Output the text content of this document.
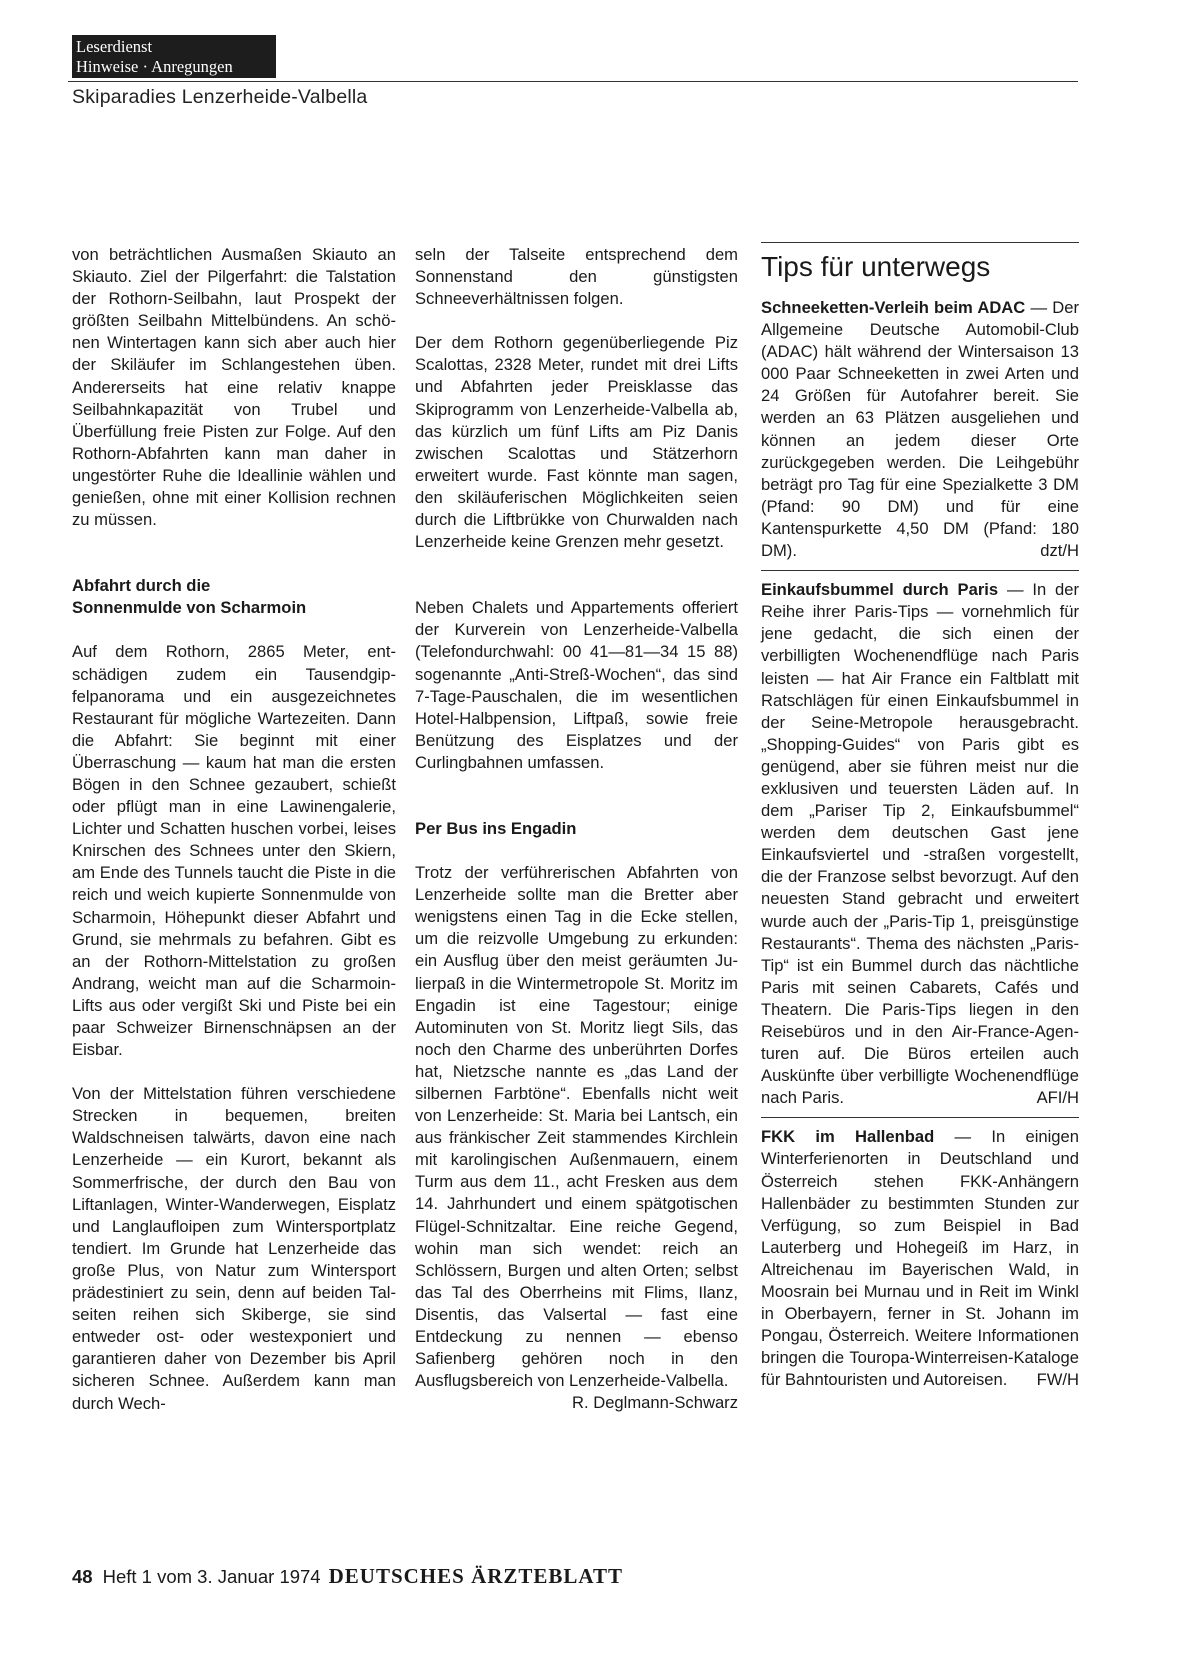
Leserdienst
Hinweise · Anregungen
Skiparadies Lenzerheide-Valbella

von beträchtlichen Ausmaßen Skiauto an Skiauto. Ziel der Pilgerfahrt: die Talstation der Rothorn-Seilbahn, laut Prospekt der größten Seilbahn Mittelbündens. An schönen Wintertagen kann sich aber auch hier der Skiläufer im Schlangestehen üben. Andererseits hat eine relativ knappe Seilbahnkapazität von Trubel und Überfüllung freie Pisten zur Folge. Auf den Rothorn-Abfahrten kann man daher in ungestörter Ruhe die Ideallinie wählen und genießen, ohne mit einer Kollision rechnen zu müssen.

Abfahrt durch die
Sonnenmulde von Scharmoin

Auf dem Rothorn, 2865 Meter, entschädigen zudem ein Tausendgipfelpanorama und ein ausgezeichnetes Restaurant für mögliche Wartezeiten. Dann die Abfahrt: Sie beginnt mit einer Überraschung — kaum hat man die ersten Bögen in den Schnee gezaubert, schießt oder pflügt man in eine Lawinengalerie, Lichter und Schatten huschen vorbei, leises Knirschen des Schnees unter den Skiern, am Ende des Tunnels taucht die Piste in die reich und weich kupierte Sonnenmulde von Scharmoin, Höhepunkt dieser Abfahrt und Grund, sie mehrmals zu befahren. Gibt es an der Rothorn-Mittelstation zu großen Andrang, weicht man auf die Scharmoin-Lifts aus oder vergißt Ski und Piste bei ein paar Schweizer Birnenschnäpsen an der Eisbar.

Von der Mittelstation führen verschiedene Strecken in bequemen, breiten Waldschneisen talwärts, davon eine nach Lenzerheide — ein Kurort, bekannt als Sommerfrische, der durch den Bau von Liftanlagen, Winter-Wanderwegen, Eisplatz und Langlaufloipen zum Wintersportplatz tendiert. Im Grunde hat Lenzerheide das große Plus, von Natur zum Wintersport prädestiniert zu sein, denn auf beiden Talseiten reihen sich Skiberge, sie sind entweder ost- oder westexponiert und garantieren daher von Dezember bis April sicheren Schnee. Außerdem kann man durch Wech-

seln der Talseite entsprechend dem Sonnenstand den günstigsten Schneeverhältnissen folgen.

Der dem Rothorn gegenüberliegende Piz Scalottas, 2328 Meter, rundet mit drei Lifts und Abfahrten jeder Preisklasse das Skiprogramm von Lenzerheide-Valbella ab, das kürzlich um fünf Lifts am Piz Danis zwischen Scalottas und Stätzerhorn erweitert wurde. Fast könnte man sagen, den skiläuferischen Möglichkeiten seien durch die Liftbrükke von Churwalden nach Lenzerheide keine Grenzen mehr gesetzt.

Neben Chalets und Appartements offeriert der Kurverein von Lenzerheide-Valbella (Telefondurchwahl: 00 41—81—34 15 88) sogenannte „Anti-Streß-Wochen“, das sind 7-Tage-Pauschalen, die im wesentlichen Hotel-Halbpension, Liftpaß, sowie freie Benützung des Eisplatzes und der Curlingbahnen umfassen.

Per Bus ins Engadin

Trotz der verführerischen Abfahrten von Lenzerheide sollte man die Bretter aber wenigstens einen Tag in die Ecke stellen, um die reizvolle Umgebung zu erkunden: ein Ausflug über den meist geräumten Julierpaß in die Wintermetropole St. Moritz im Engadin ist eine Tagestour; einige Autominuten von St. Moritz liegt Sils, das noch den Charme des unberührten Dorfes hat, Nietzsche nannte es „das Land der silbernen Farbtöne“. Ebenfalls nicht weit von Lenzerheide: St. Maria bei Lantsch, ein aus fränkischer Zeit stammendes Kirchlein mit karolingischen Außenmauern, einem Turm aus dem 11., acht Fresken aus dem 14. Jahrhundert und einem spätgotischen Flügel-Schnitzaltar. Eine reiche Gegend, wohin man sich wendet: reich an Schlössern, Burgen und alten Orten; selbst das Tal des Oberrheins mit Flims, Ilanz, Disentis, das Valsertal — fast eine Entdeckung zu nennen — ebenso Safienberg gehören noch in den Ausflugsbereich von Lenzerheide-Valbella.
R. Deglmann-Schwarz

Tips für unterwegs

Schneeketten-Verleih beim ADAC — Der Allgemeine Deutsche Automobil-Club (ADAC) hält während der Wintersaison 13 000 Paar Schneeketten in zwei Arten und 24 Größen für Autofahrer bereit. Sie werden an 63 Plätzen ausgeliehen und können an jedem dieser Orte zurückgegeben werden. Die Leihgebühr beträgt pro Tag für eine Spezialkette 3 DM (Pfand: 90 DM) und für eine Kantenspurkette 4,50 DM (Pfand: 180 DM).	dzt/H

Einkaufsbummel durch Paris — In der Reihe ihrer Paris-Tips — vornehmlich für jene gedacht, die sich einen der verbilligten Wochenendflüge nach Paris leisten — hat Air France ein Faltblatt mit Ratschlägen für einen Einkaufsbummel in der Seine-Metropole herausgebracht. „Shopping-Guides“ von Paris gibt es genügend, aber sie führen meist nur die exklusiven und teuersten Läden auf. In dem „Pariser Tip 2, Einkaufsbummel“ werden dem deutschen Gast jene Einkaufsviertel und -straßen vorgestellt, die der Franzose selbst bevorzugt. Auf den neuesten Stand gebracht und erweitert wurde auch der „Paris-Tip 1, preisgünstige Restaurants“. Thema des nächsten „Paris-Tip“ ist ein Bummel durch das nächtliche Paris mit seinen Cabarets, Cafés und Theatern. Die Paris-Tips liegen in den Reisebüros und in den Air-France-Agenturen auf. Die Büros erteilen auch Auskünfte über verbilligte Wochenendflüge nach Paris.	AFI/H

FKK im Hallenbad — In einigen Winterferienorten in Deutschland und Österreich stehen FKK-Anhängern Hallenbäder zu bestimmten Stunden zur Verfügung, so zum Beispiel in Bad Lauterberg und Hohegeiß im Harz, in Altreichenau im Bayerischen Wald, in Moosrain bei Murnau und in Reit im Winkl in Oberbayern, ferner in St. Johann im Pongau, Österreich. Weitere Informationen bringen die Touropa-Winterreisen-Kataloge für Bahntouristen und Autoreisen. FW/H

48 Heft 1 vom 3. Januar 1974 DEUTSCHES ÄRZTEBLATT
